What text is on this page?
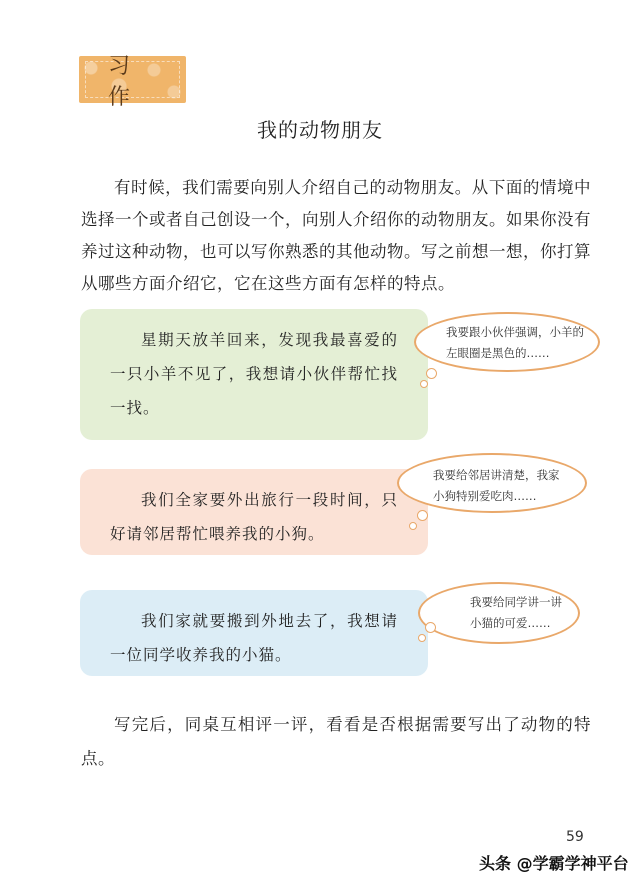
习 作
我的动物朋友
有时候，我们需要向别人介绍自己的动物朋友。从下面的情境中选择一个或者自己创设一个，向别人介绍你的动物朋友。如果你没有养过这种动物，也可以写你熟悉的其他动物。写之前想一想，你打算从哪些方面介绍它，它在这些方面有怎样的特点。
星期天放羊回来，发现我最喜爱的一只小羊不见了，我想请小伙伴帮忙找一找。
我要跟小伙伴强调，小羊的左眼圈是黑色的……
我们全家要外出旅行一段时间，只好请邻居帮忙喂养我的小狗。
我要给邻居讲清楚，我家小狗特别爱吃肉……
我们家就要搬到外地去了，我想请一位同学收养我的小猫。
我要给同学讲一讲小猫的可爱……
写完后，同桌互相评一评，看看是否根据需要写出了动物的特点。
59
头条 @学霸学神平台
